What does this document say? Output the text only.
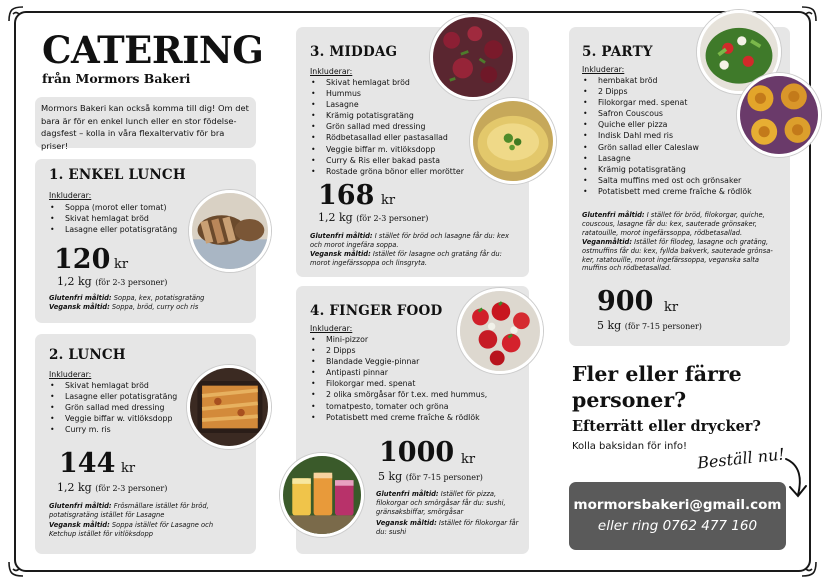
CATERING
från Mormors Bakeri
Mormors Bakeri kan också komma till dig! Om det bara är för en enkel lunch eller en stor födelse-dagsfest – kolla in våra flexaltervativ för bra priser!
1. ENKEL LUNCH
Inkluderar:
• Soppa (morot eller tomat)
• Skivat hemlagat bröd
• Lasagne eller potatisgratäng
120 kr
1,2 kg (för 2-3 personer)
Glutenfri måltid: Soppa, kex, potatisgratäng
Vegansk måltid: Soppa, bröd, curry och ris
2. LUNCH
Inkluderar:
• Skivat hemlagat bröd
• Lasagne eller potatisgratäng
• Grön sallad med dressing
• Veggie biffar w. vitlöksdopp
• Curry m. ris
144 kr
1,2 kg (för 2-3 personer)
Glutenfri måltid: Frösmällare istället för bröd, potatisgratäng istället för Lasagne
Vegansk måltid: Soppa istället för Lasagne och Ketchup istället för vitlöksdopp
3. MIDDAG
Inkluderar:
• Skivat hemlagat bröd
• Hummus
• Lasagne
• Krämig potatisgratäng
• Grön sallad med dressing
• Rödbetasallad eller pastasallad
• Veggie biffar m. vitlöksdopp
• Curry & Ris eller bakad pasta
• Rostade gröna bönor eller morötter
168 kr
1,2 kg (för 2-3 personer)
Glutenfri måltid: I stället för bröd och lasagne får du: kex och morot ingefära soppa.
Vegansk måltid: Istället för lasagne och gratäng får du: morot ingefärssoppa och linsgryta.
4. FINGER FOOD
Inkluderar:
• Mini-pizzor
• 2 Dipps
• Blandade Veggie-pinnar
• Antipasti pinnar
• Filokorgar med. spenat
• 2 olika smörgåsar för t.ex. med hummus,
• tomatpesto, tomater och gröna
• Potatisbett med creme fraîche & rödlök
1000 kr
5 kg (för 7-15 personer)
Glutenfri måltid: Istället för pizza, filokorgar och smörgåsar får du: sushi, gränsaksbiffar, smörgåsar
Vegansk måltid: Istället för filokorgar får du: sushi
5. PARTY
Inkluderar:
• hembakat bröd
• 2 Dipps
• Filokorgar med. spenat
• Safron Couscous
• Quiche eller pizza
• Indisk Dahl med ris
• Grön sallad eller Caleslaw
• Lasagne
• Krämig potatisgratäng
• Salta muffins med ost och grönsaker
• Potatisbett med creme fraîche & rödlök
Glutenfri måltid: I stället för bröd, filokorgar, quiche, couscous, lasagne får du: kex, sauterade grönsaker, ratatouille, morot ingefärssoppa, rödbetasallad.
Veganmåltid: Istället för filodeg, lasagne och gratäng, ostmuffins får du: kex, fyllda bakverk, sauterade grönsa-ker, ratatouille, morot ingefärssoppa, veganska salta muffins och rödbetasallad.
900 kr
5 kg (för 7-15 personer)
Fler eller färre personer?
Efterrätt eller drycker?
Kolla baksidan för info! Beställ nu!
mormorsbakeri@gmail.com
eller ring 0762 477 160
